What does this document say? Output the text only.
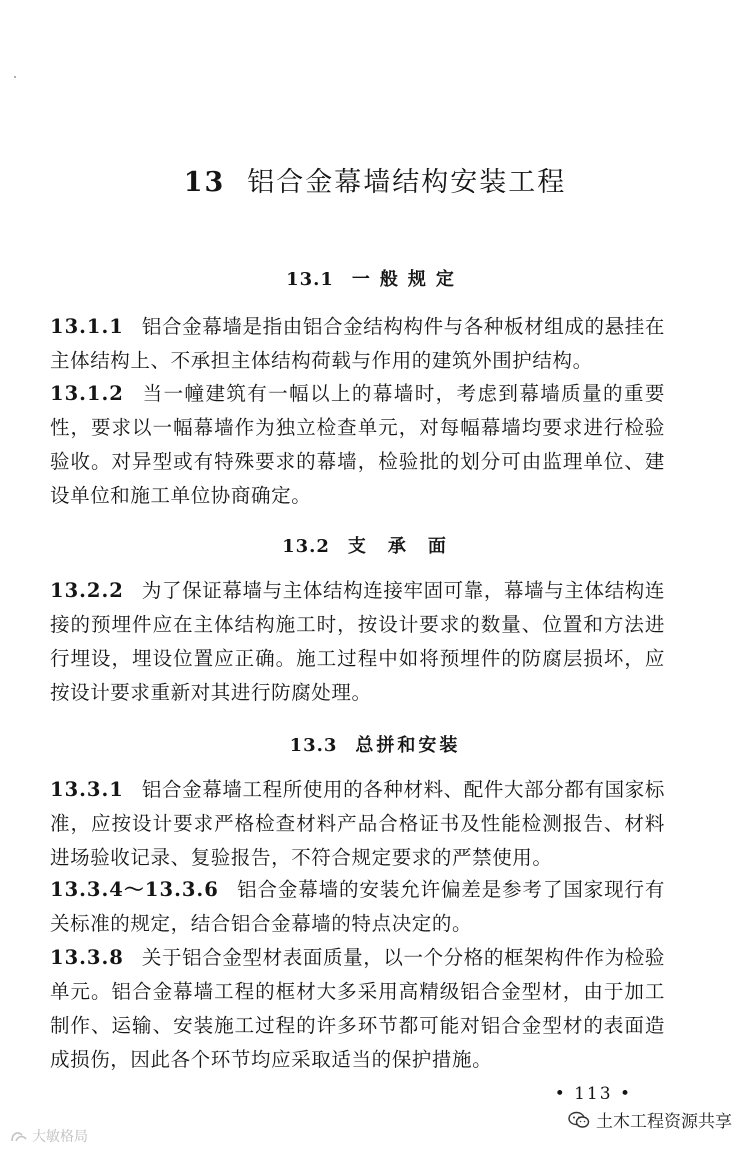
13 铝合金幕墙结构安装工程
13.1 一般规定
13.1.1 铝合金幕墙是指由铝合金结构构件与各种板材组成的悬挂在主体结构上、不承担主体结构荷载与作用的建筑外围护结构。
13.1.2 当一幢建筑有一幅以上的幕墙时，考虑到幕墙质量的重要性，要求以一幅幕墙作为独立检查单元，对每幅幕墙均要求进行检验验收。对异型或有特殊要求的幕墙，检验批的划分可由监理单位、建设单位和施工单位协商确定。
13.2 支承面
13.2.2 为了保证幕墙与主体结构连接牢固可靠，幕墙与主体结构连接的预埋件应在主体结构施工时，按设计要求的数量、位置和方法进行埋设，埋设位置应正确。施工过程中如将预埋件的防腐层损坏，应按设计要求重新对其进行防腐处理。
13.3 总拼和安装
13.3.1 铝合金幕墙工程所使用的各种材料、配件大部分都有国家标准，应按设计要求严格检查材料产品合格证书及性能检测报告、材料进场验收记录、复验报告，不符合规定要求的严禁使用。
13.3.4～13.3.6 铝合金幕墙的安装允许偏差是参考了国家现行有关标准的规定，结合铝合金幕墙的特点决定的。
13.3.8 关于铝合金型材表面质量，以一个分格的框架构件作为检验单元。铝合金幕墙工程的框材大多采用高精级铝合金型材，由于加工制作、运输、安装施工过程的许多环节都可能对铝合金型材的表面造成损伤，因此各个环节均应采取适当的保护措施。
• 113 •
土木工程资源共享
大敏格局
